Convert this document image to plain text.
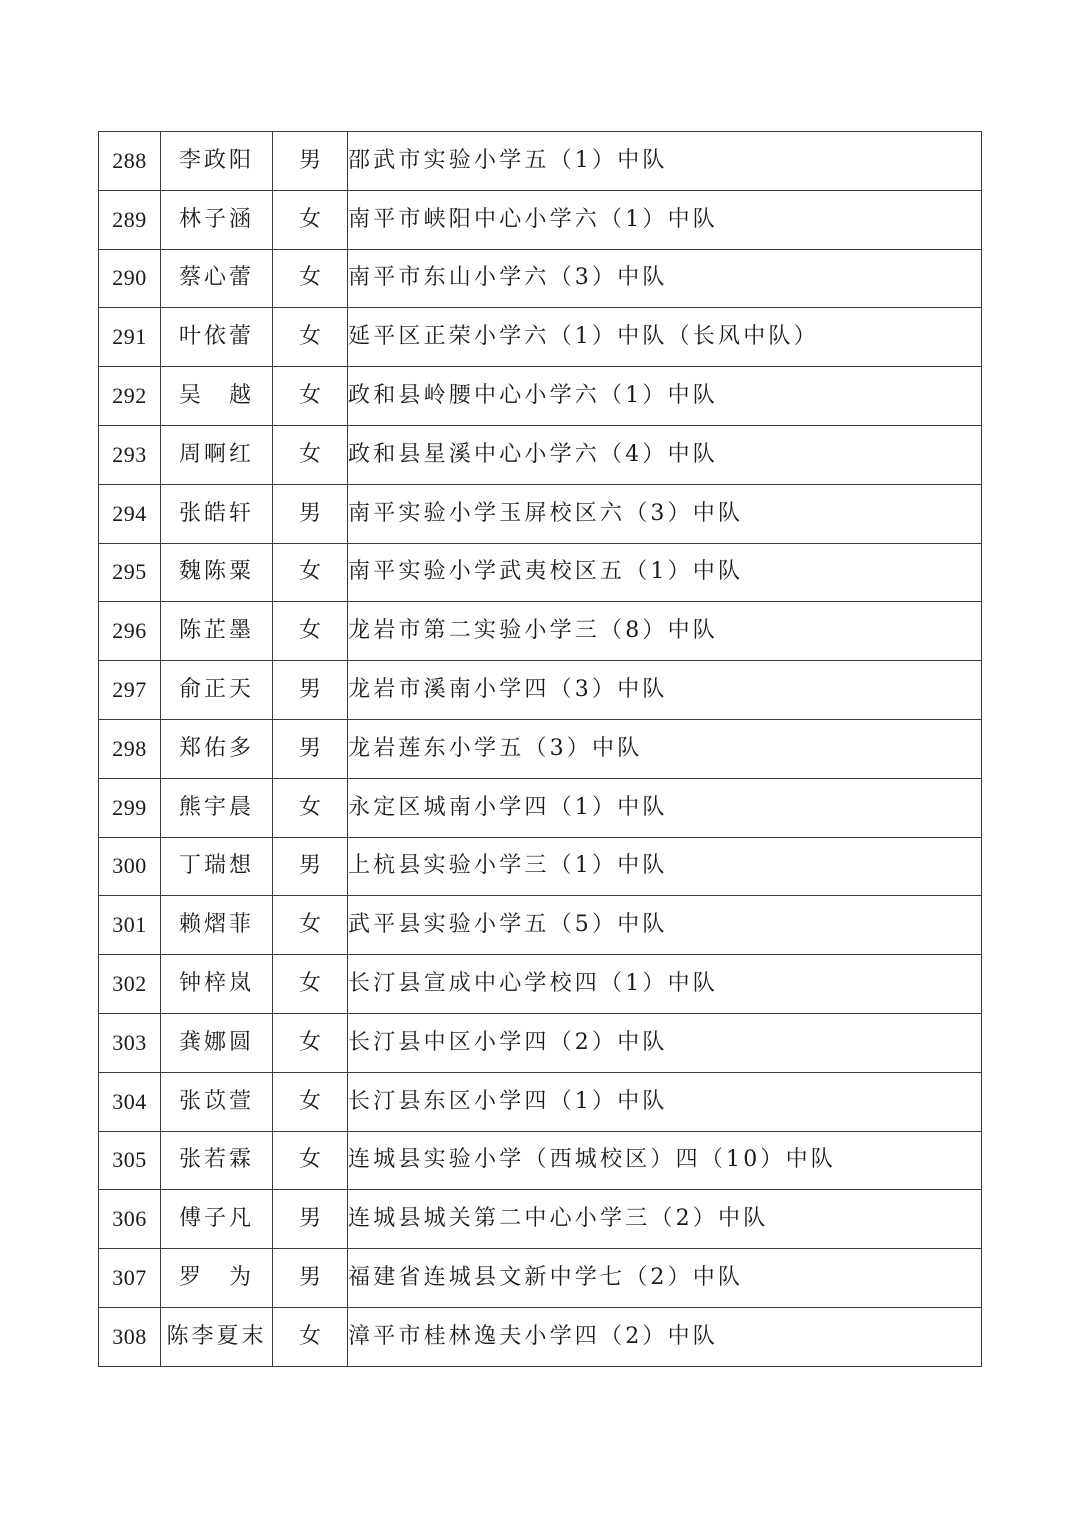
288	李政阳	男	邵武市实验小学五（1）中队
289	林子涵	女	南平市峡阳中心小学六（1）中队
290	蔡心蕾	女	南平市东山小学六（3）中队
291	叶依蕾	女	延平区正荣小学六（1）中队（长风中队）
292	吴　越	女	政和县岭腰中心小学六（1）中队
293	周啊红	女	政和县星溪中心小学六（4）中队
294	张皓轩	男	南平实验小学玉屏校区六（3）中队
295	魏陈粟	女	南平实验小学武夷校区五（1）中队
296	陈芷墨	女	龙岩市第二实验小学三（8）中队
297	俞正天	男	龙岩市溪南小学四（3）中队
298	郑佑多	男	龙岩莲东小学五（3）中队
299	熊宇晨	女	永定区城南小学四（1）中队
300	丁瑞想	男	上杭县实验小学三（1）中队
301	赖熠菲	女	武平县实验小学五（5）中队
302	钟梓岚	女	长汀县宣成中心学校四（1）中队
303	龚娜圆	女	长汀县中区小学四（2）中队
304	张苡萱	女	长汀县东区小学四（1）中队
305	张若霖	女	连城县实验小学（西城校区）四（10）中队
306	傅子凡	男	连城县城关第二中心小学三（2）中队
307	罗　为	男	福建省连城县文新中学七（2）中队
308	陈李夏末	女	漳平市桂林逸夫小学四（2）中队
